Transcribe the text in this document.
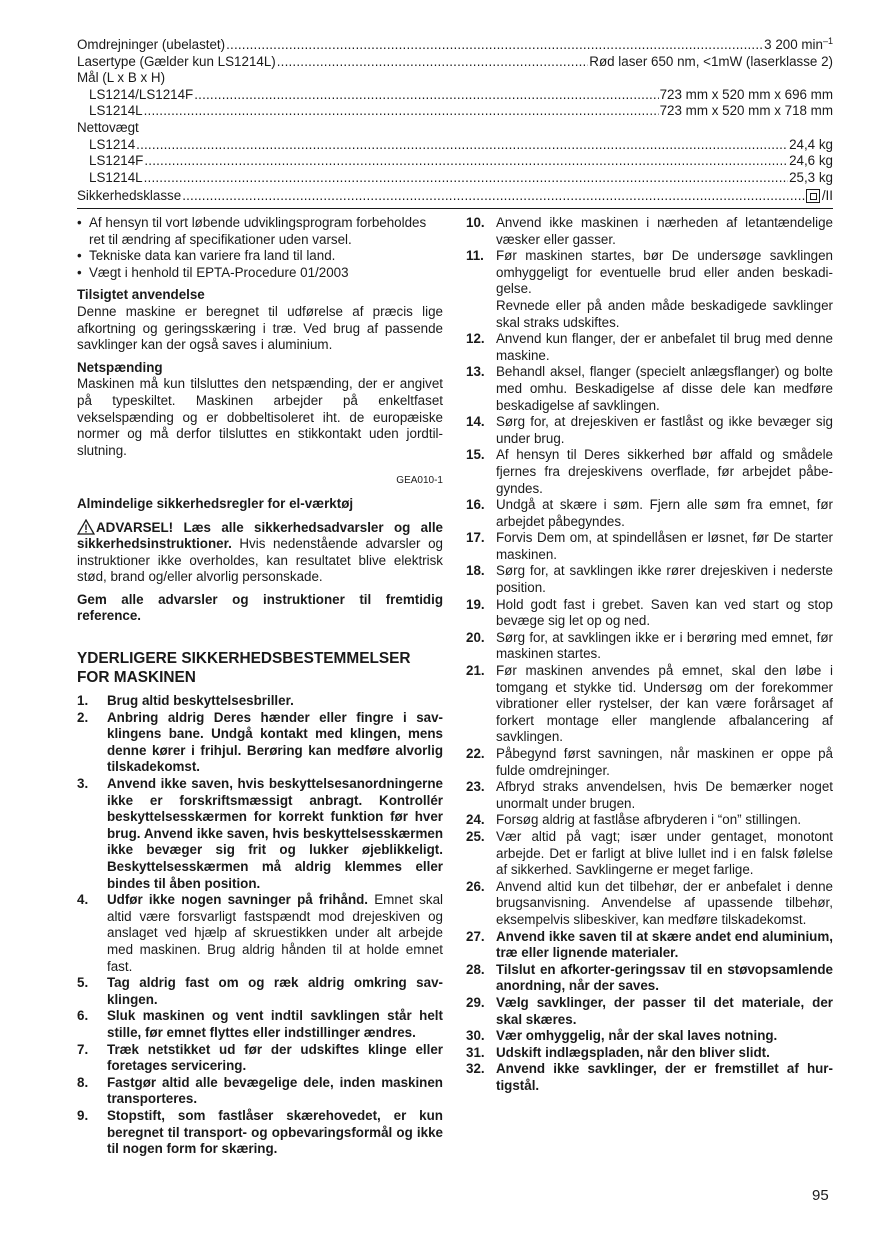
Omdrejninger (ubelastet) .....	3 200 $\min^{-1}$
Lasertype (Gælder kun LS1214L) .....	Rød laser 650 nm, <1mW (laserklasse 2)
Mål (L x B x H)
LS1214/LS1214F .....	723 mm x 520 mm x 696 mm
LS1214L .....	723 mm x 520 mm x 718 mm
Nettovægt
LS1214 .....	24,4 kg
LS1214F .....	24,6 kg
LS1214L .....	25,3 kg
Sikkerhedsklasse .....	/II
• Af hensyn til vort løbende udviklingsprogram forbeholdes ret til ændring af specifikationer uden varsel.
• Tekniske data kan variere fra land til land.
• Vægt i henhold til EPTA-Procedure 01/2003
Tilsigtet anvendelse

Denne maskine er beregnet til udførelse af præcis lige afkortning og geringsskæring i træ. Ved brug af passende savklinger kan der også saves i aluminium.

Netspænding

Maskinen må kun tilsluttes den netspænding, der er angivet på typeskiltet. Maskinen arbejder på enkeltfaset vekselspænding og er dobbeltisoleret iht. de europæiske normer og må derfor tilsluttes en stikkontakt uden jordtilslutning.

GEA010-1
Almindelige sikkerhedsregler for el-værktøj

ADVARSEL! Læs alle sikkerhedsadvarsler og alle sikkerhedsinstruktioner. Hvis nedenstående advarsler og instruktioner ikke overholdes, kan resultatet blive elektrisk stød, brand og/eller alvorlig personskade.

Gem alle advarsler og instruktioner til fremtidig reference.

YDERLIGERE SIKKERHEDSBESTEMMELSER FOR MASKINEN
1.	Brug altid beskyttelsesbriller.
2.	Anbring aldrig Deres hænder eller fingre i savklingens bane. Undgå kontakt med klingen, mens denne kører i frihjul. Berøring kan medføre alvorlig tilskadekomst.
3.	Anvend ikke saven, hvis beskyttelsesanordningerne ikke er forskriftsmæssigt anbragt. Kontrollér beskyttelsesskærmen for korrekt funktion før hver brug. Anvend ikke saven, hvis beskyttelsesskærmen ikke bevæger sig frit og lukker øjeblikkeligt. Beskyttelsesskærmen må aldrig klemmes eller bindes til åben position.
4.	Udfør ikke nogen savninger på frihånd. Emnet skal altid være forsvarligt fastspændt mod drejeskiven og anslaget ved hjælp af skruestikken under alt arbejde med maskinen. Brug aldrig hånden til at holde emnet fast.
5.	Tag aldrig fast om og ræk aldrig omkring savklingen.
6.	Sluk maskinen og vent indtil savklingen står helt stille, før emnet flyttes eller indstillinger ændres.
7.	Træk netstikket ud før der udskiftes klinge eller foretages servicering.
8.	Fastgør altid alle bevægelige dele, inden maskinen transporteres.
9.	Stopstift, som fastlåser skærehovedet, er kun beregnet til transport- og opbevaringsformål og ikke til nogen form for skæring.
10. Anvend ikke maskinen i nærheden af letantændelige væsker eller gasser.
11. Før maskinen startes, bør De undersøge savklingen omhyggeligt for eventuelle brud eller anden beskadigelse.
Revnede eller på anden måde beskadigede savklinger skal straks udskiftes.
12. Anvend kun flanger, der er anbefalet til brug med denne maskine.
13. Behandl aksel, flanger (specielt anlægsflanger) og bolte med omhu. Beskadigelse af disse dele kan medføre beskadigelse af savklingen.
14. Sørg for, at drejeskiven er fastlåst og ikke bevæger sig under brug.
15. Af hensyn til Deres sikkerhed bør affald og smådele fjernes fra drejeskivens overflade, før arbejdet påbegyndes.
16. Undgå at skære i søm. Fjern alle søm fra emnet, før arbejdet påbegyndes.
17. Forvis Dem om, at spindellåsen er løsnet, før De starter maskinen.
18. Sørg for, at savklingen ikke rører drejeskiven i nederste position.
19. Hold godt fast i grebet. Saven kan ved start og stop bevæge sig let op og ned.
20. Sørg for, at savklingen ikke er i berøring med emnet, før maskinen startes.
21. Før maskinen anvendes på emnet, skal den løbe i tomgang et stykke tid. Undersøg om der forekommer vibrationer eller rystelser, der kan være forårsaget af forkert montage eller manglende afbalancering af savklingen.
22. Påbegynd først savningen, når maskinen er oppe på fulde omdrejninger.
23. Afbryd straks anvendelsen, hvis De bemærker noget unormalt under brugen.
24. Forsøg aldrig at fastlåse afbryderen i “on” stillingen.
25. Vær altid på vagt; især under gentaget, monotont arbejde. Det er farligt at blive lullet ind i en falsk følelse af sikkerhed. Savklingerne er meget farlige.
26. Anvend altid kun det tilbehør, der er anbefalet i denne brugsanvisning. Anvendelse af upassende tilbehør, eksempelvis slibeskiver, kan medføre tilskadekomst.
27. Anvend ikke saven til at skære andet end aluminium, træ eller lignende materialer.
28. Tilslut en afkorter-geringssav til en støvopsamlende anordning, når der saves.
29. Vælg savklinger, der passer til det materiale, der skal skæres.
30. Vær omhyggelig, når der skal laves notning.
31. Udskift indlægspladen, når den bliver slidt.
32. Anvend ikke savklinger, der er fremstillet af hurtigstål.
95
